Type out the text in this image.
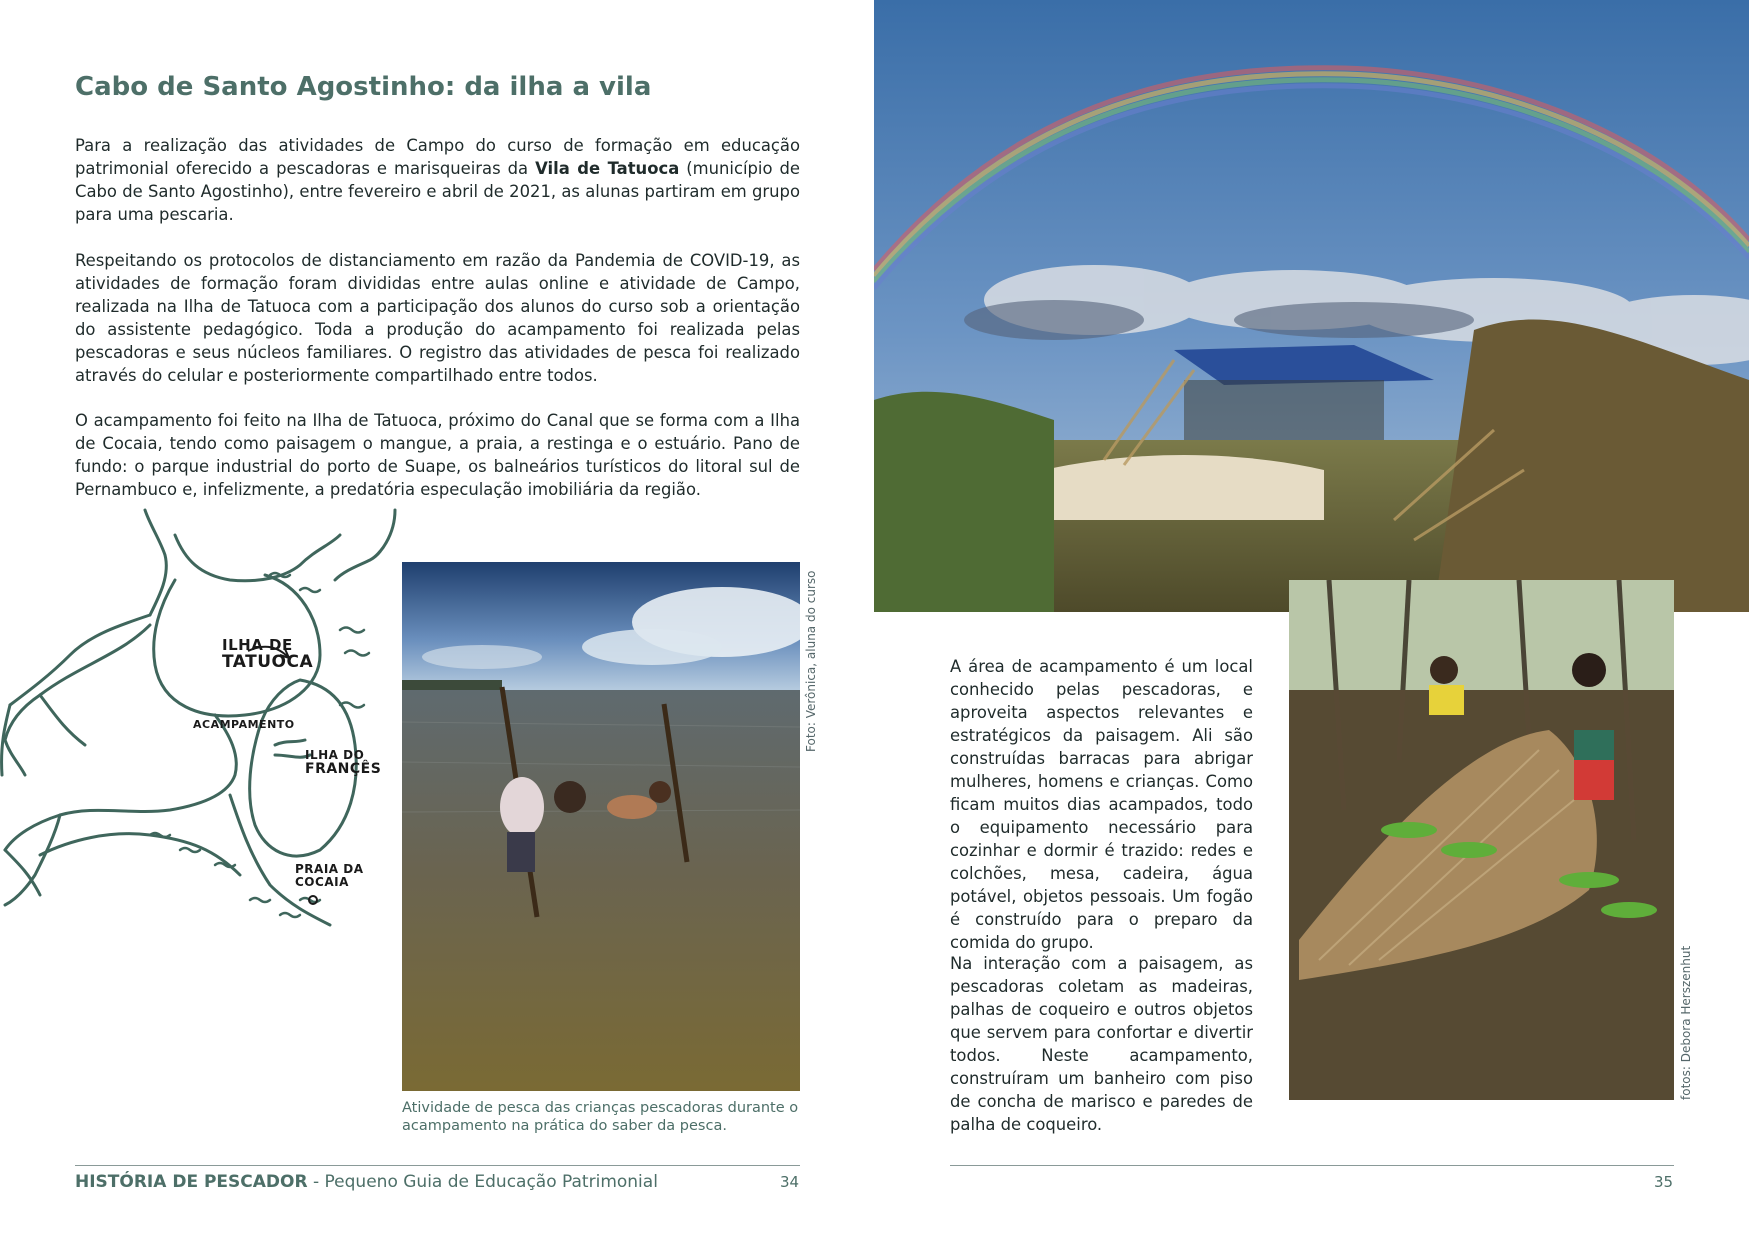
Cabo de Santo Agostinho: da ilha a vila

Para a realização das atividades de Campo do curso de formação em educação patrimonial oferecido a pescadoras e marisqueiras da Vila de Tatuoca (município de Cabo de Santo Agostinho), entre fevereiro e abril de 2021, as alunas partiram em grupo para uma pescaria.

Respeitando os protocolos de distanciamento em razão da Pandemia de COVID-19, as atividades de formação foram divididas entre aulas online e atividade de Campo, realizada na Ilha de Tatuoca com a participação dos alunos do curso sob a orientação do assistente pedagógico. Toda a produção do acampamento foi realizada pelas pescadoras e seus núcleos familiares. O registro das atividades de pesca foi realizado através do celular e posteriormente compartilhado entre todos.

O acampamento foi feito na Ilha de Tatuoca, próximo do Canal que se forma com a Ilha de Cocaia, tendo como paisagem o mangue, a praia, a restinga e o estuário. Pano de fundo: o parque industrial do porto de Suape, os balneários turísticos do litoral sul de Pernambuco e, infelizmente, a predatória especulação imobiliária da região.

ILHA DE
TATUOCA
ACAMPAMENTO
ILHA DO
FRANÇÊS
PRAIA DA
COCAIA
Foto: Verônica, aluna do curso

Atividade de pesca das crianças pescadoras durante o acampamento na prática do saber da pesca.

HISTÓRIA DE PESCADOR - Pequeno Guia de Educação Patrimonial	34

A área de acampamento é um local conhecido pelas pescadoras, e aproveita aspectos relevantes e estratégicos da paisagem. Ali são construídas barracas para abrigar mulheres, homens e crianças. Como ficam muitos dias acampados, todo o equipamento necessário para cozinhar e dormir é trazido: redes e colchões, mesa, cadeira, água potável, objetos pessoais. Um fogão é construído para o preparo da comida do grupo.

Na interação com a paisagem, as pescadoras coletam as madeiras, palhas de coqueiro e outros objetos que servem para confortar e divertir todos. Neste acampamento, construíram um banheiro com piso de concha de marisco e paredes de palha de coqueiro.

fotos: Debora Herszenhut
35
